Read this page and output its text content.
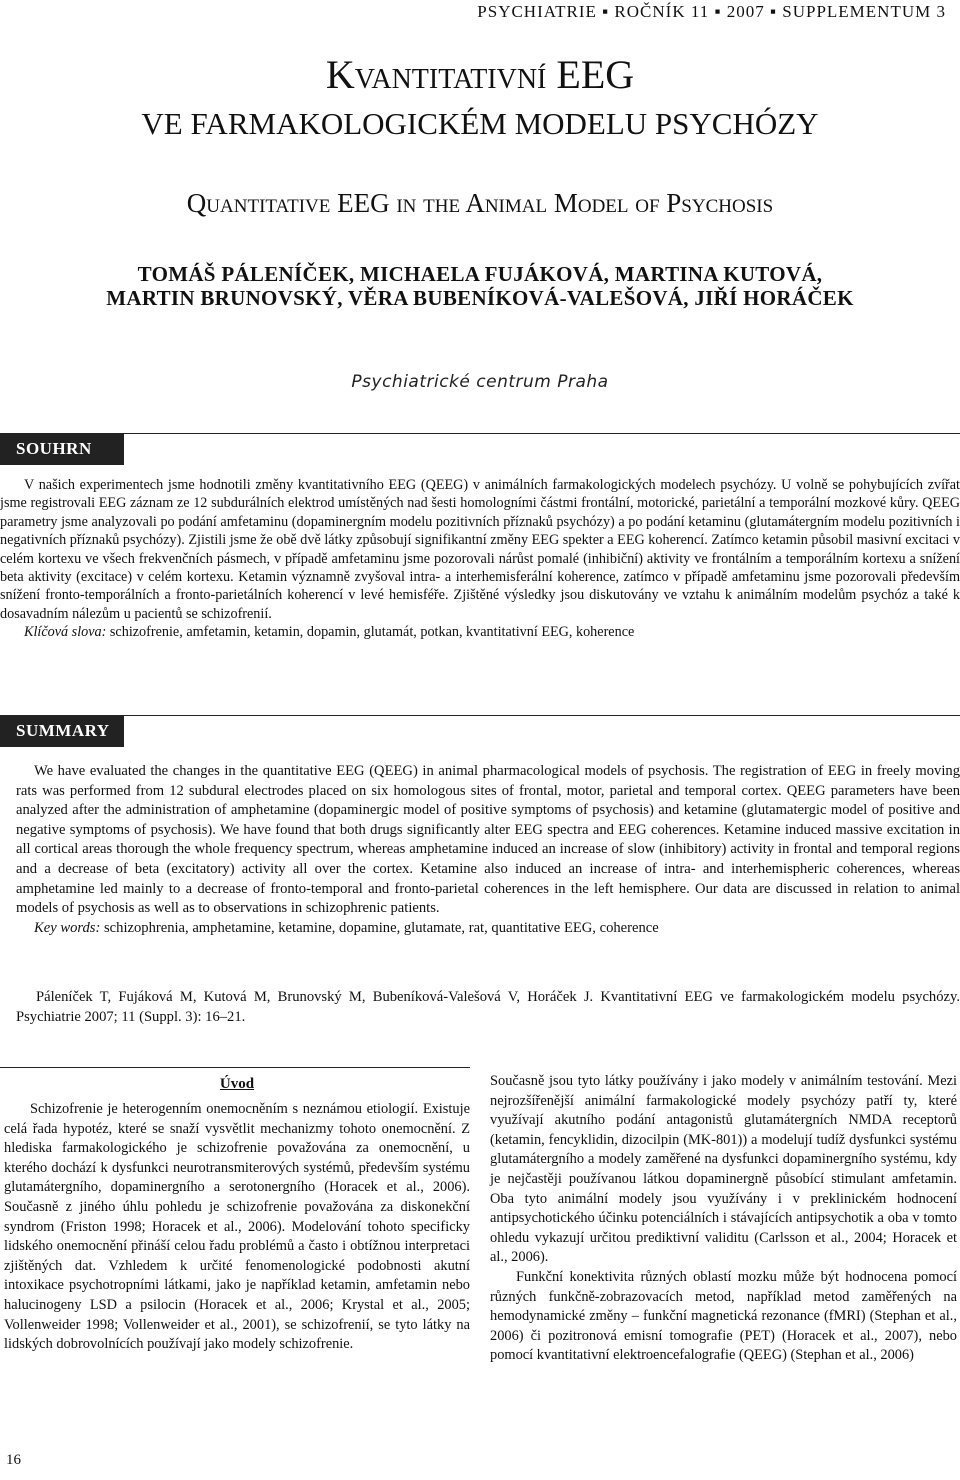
PSYCHIATRIE ▪ ROČNÍK 11 ▪ 2007 ▪ SUPPLEMENTUM 3
Kvantitativní EEG
VE FARMAKOLOGICKÉM MODELU PSYCHÓZY
Quantitative EEG in the Animal Model of Psychosis
TOMÁŠ PÁLENÍČEK, MICHAELA FUJÁKOVÁ, MARTINA KUTOVÁ,
MARTIN BRUNOVSKÝ, VĚRA BUBENÍKOVÁ-VALEŠOVÁ, JIŘÍ HORÁČEK
Psychiatrické centrum Praha
SOUHRN

V našich experimentech jsme hodnotili změny kvantitativního EEG (QEEG) v animálních farmakologických modelech psychózy. U volně se pohybujících zvířat jsme registrovali EEG záznam ze 12 subdurálních elektrod umístěných nad šesti homologními částmi frontální, motorické, parietální a temporální mozkové kůry. QEEG parametry jsme analyzovali po podání amfetaminu (dopaminergním modelu pozitivních příznaků psychózy) a po podání ketaminu (glutamátergním modelu pozitivních i negativních příznaků psychózy). Zjistili jsme že obě dvě látky způsobují signifikantní změny EEG spekter a EEG koherencí. Zatímco ketamin působil masivní excitaci v celém kortexu ve všech frekvenčních pásmech, v případě amfetaminu jsme pozorovali nárůst pomalé (inhibiční) aktivity ve frontálním a temporálním kortexu a snížení beta aktivity (excitace) v celém kortexu. Ketamin významně zvyšoval intra- a interhemisferální koherence, zatímco v případě amfetaminu jsme pozorovali především snížení fronto-temporálních a fronto-parietálních koherencí v levé hemisféře. Zjištěné výsledky jsou diskutovány ve vztahu k animálním modelům psychóz a také k dosavadním nálezům u pacientů se schizofrenií.

Klíčová slova: schizofrenie, amfetamin, ketamin, dopamin, glutamát, potkan, kvantitativní EEG, koherence

SUMMARY

We have evaluated the changes in the quantitative EEG (QEEG) in animal pharmacological models of psychosis. The registration of EEG in freely moving rats was performed from 12 subdural electrodes placed on six homologous sites of frontal, motor, parietal and temporal cortex. QEEG parameters have been analyzed after the administration of amphetamine (dopaminergic model of positive symptoms of psychosis) and ketamine (glutamatergic model of positive and negative symptoms of psychosis). We have found that both drugs significantly alter EEG spectra and EEG coherences. Ketamine induced massive excitation in all cortical areas thorough the whole frequency spectrum, whereas amphetamine induced an increase of slow (inhibitory) activity in frontal and temporal regions and a decrease of beta (excitatory) activity all over the cortex. Ketamine also induced an increase of intra- and interhemispheric coherences, whereas amphetamine led mainly to a decrease of fronto-temporal and fronto-parietal coherences in the left hemisphere. Our data are discussed in relation to animal models of psychosis as well as to observations in schizophrenic patients.

Key words: schizophrenia, amphetamine, ketamine, dopamine, glutamate, rat, quantitative EEG, coherence

Páleníček T, Fujáková M, Kutová M, Brunovský M, Bubeníková-Valešová V, Horáček J. Kvantitativní EEG ve farmakologickém modelu psychózy. Psychiatrie 2007; 11 (Suppl. 3): 16–21.
Úvod

Schizofrenie je heterogenním onemocněním s neznámou etiologií. Existuje celá řada hypotéz, které se snaží vysvětlit mechanizmy tohoto onemocnění. Z hlediska farmakologického je schizofrenie považována za onemocnění, u kterého dochází k dysfunkci neurotransmiterových systémů, především systému glutamátergního, dopaminergního a serotonergního (Horacek et al., 2006). Současně z jiného úhlu pohledu je schizofrenie považována za diskonekční syndrom (Friston 1998; Horacek et al., 2006). Modelování tohoto specificky lidského onemocnění přináší celou řadu problémů a často i obtížnou interpretaci zjištěných dat. Vzhledem k určité fenomenologické podobnosti akutní intoxikace psychotropními látkami, jako je například ketamin, amfetamin nebo halucinogeny LSD a psilocin (Horacek et al., 2006; Krystal et al., 2005; Vollenweider 1998; Vollenweider et al., 2001), se schizofrenií, se tyto látky na lidských dobrovolnících používají jako modely schizofrenie.

Současně jsou tyto látky používány i jako modely v animálním testování. Mezi nejrozšířenější animální farmakologické modely psychózy patří ty, které využívají akutního podání antagonistů glutamátergních NMDA receptorů (ketamin, fencyklidin, dizocilpin (MK-801)) a modelují tudíž dysfunkci systému glutamátergního a modely zaměřené na dysfunkci dopaminergního systému, kdy je nejčastěji používanou látkou dopaminergně působící stimulant amfetamin. Oba tyto animální modely jsou využívány i v preklinickém hodnocení antipsychotického účinku potenciálních i stávajících antipsychotik a oba v tomto ohledu vykazují určitou prediktivní validitu (Carlsson et al., 2004; Horacek et al., 2006).

Funkční konektivita různých oblastí mozku může být hodnocena pomocí různých funkčně-zobrazovacích metod, například metod zaměřených na hemodynamické změny – funkční magnetická rezonance (fMRI) (Stephan et al., 2006) či pozitronová emisní tomografie (PET) (Horacek et al., 2007), nebo pomocí kvantitativní elektroencefalografie (QEEG) (Stephan et al., 2006)

16
